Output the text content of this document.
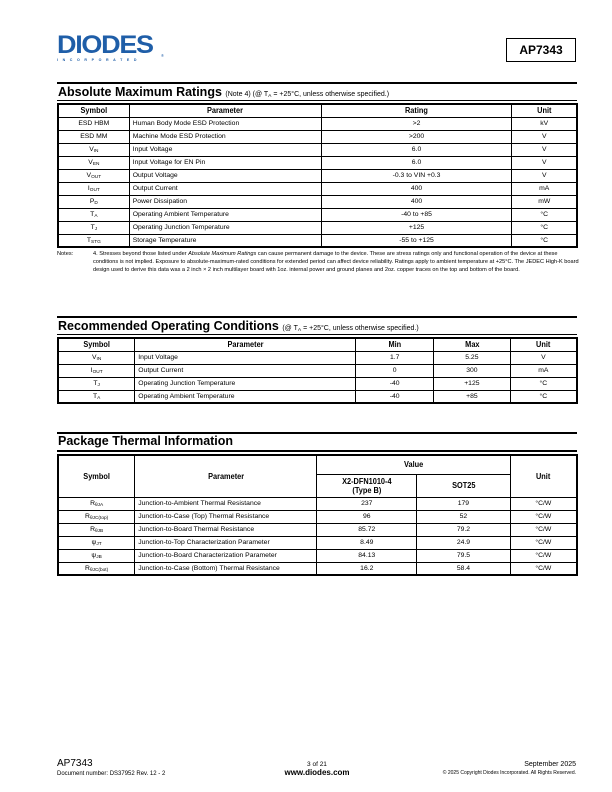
DIODES
INCORPORATED
®	AP7343
Absolute Maximum Ratings (Note 4) (@ TA = +25°C, unless otherwise specified.)
Symbol	Parameter	Rating	Unit
ESD HBM	Human Body Mode ESD Protection	>2	kV
ESD MM	Machine Mode ESD Protection	>200	V
VIN	Input Voltage	6.0	V
VEN	Input Voltage for EN Pin	6.0	V
VOUT	Output Voltage	-0.3 to VIN +0.3	V
IOUT	Output Current	400	mA
PD	Power Dissipation	400	mW
TA	Operating Ambient Temperature	-40 to +85	°C
TJ	Operating Junction Temperature	+125	°C
TSTG	Storage Temperature	-55 to +125	°C
Notes:	4. Stresses beyond those listed under Absolute Maximum Ratings can cause permanent damage to the device. These are stress ratings only and functional operation of the device at these conditions is not implied. Exposure to absolute-maximum-rated conditions for extended period can affect device reliability. Ratings apply to ambient temperature at +25°C. The JEDEC High-K board design used to derive this data was a 2 inch × 2 inch multilayer board with 1oz. internal power and ground planes and 2oz. copper traces on the top and bottom of the board.
Recommended Operating Conditions (@ TA = +25°C, unless otherwise specified.)
Symbol	Parameter	Min	Max	Unit
VIN	Input Voltage	1.7	5.25	V
IOUT	Output Current	0	300	mA
TJ	Operating Junction Temperature	-40	+125	°C
TA	Operating Ambient Temperature	-40	+85	°C
Package Thermal Information
Symbol	Parameter	Value		Unit
		X2-DFN1010-4
(Type B)	SOT25	
RθJA	Junction-to-Ambient Thermal Resistance	237	179	°C/W
RθJC(top)	Junction-to-Case (Top) Thermal Resistance	96	52	°C/W
RθJB	Junction-to-Board Thermal Resistance	85.72	79.2	°C/W
ψJT	Junction-to-Top Characterization Parameter	8.49	24.9	°C/W
ψJB	Junction-to-Board Characterization Parameter	84.13	79.5	°C/W
RθJC(bot)	Junction-to-Case (Bottom) Thermal Resistance	16.2	58.4	°C/W
AP7343
Document number: DS37952 Rev. 12 - 2
3 of 21
www.diodes.com
September 2025
© 2025 Copyright Diodes Incorporated. All Rights Reserved.
